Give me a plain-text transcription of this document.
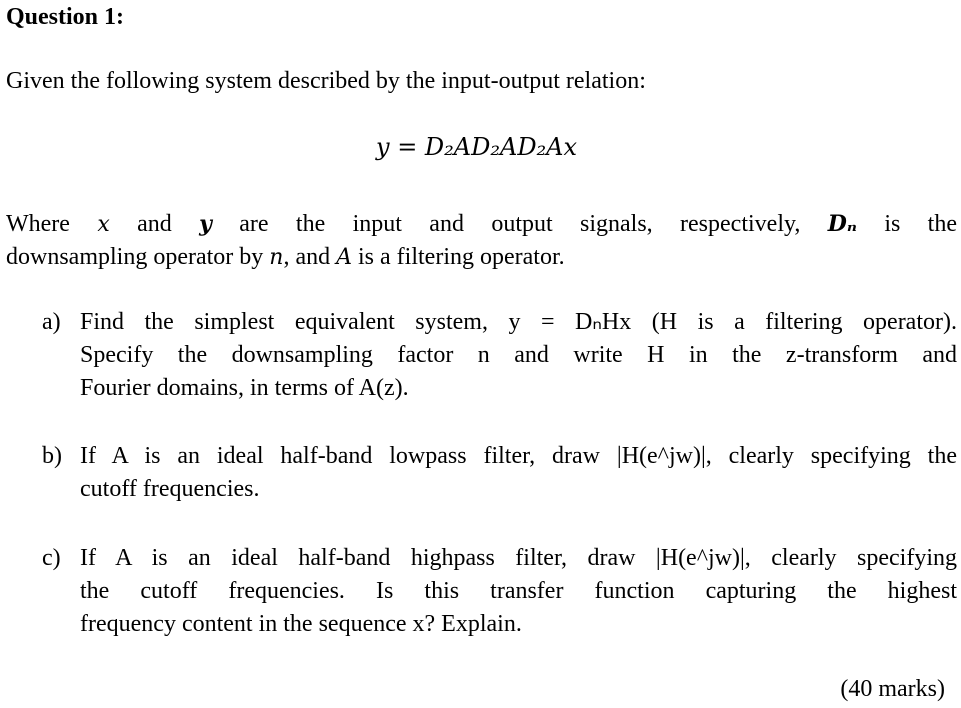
Question 1:
Given the following system described by the input-output relation:
y = D₂AD₂AD₂Ax
Where x and y are the input and output signals, respectively, Dₙ is the
downsampling operator by n, and A is a filtering operator.
a) Find the simplest equivalent system, y = DₙHx (H is a filtering operator).
Specify the downsampling factor n and write H in the z-transform and
Fourier domains, in terms of A(z).
b) If A is an ideal half-band lowpass filter, draw |H(e^jw)|, clearly specifying the
cutoff frequencies.
c) If A is an ideal half-band highpass filter, draw |H(e^jw)|, clearly specifying
the cutoff frequencies. Is this transfer function capturing the highest
frequency content in the sequence x? Explain.
(40 marks)
